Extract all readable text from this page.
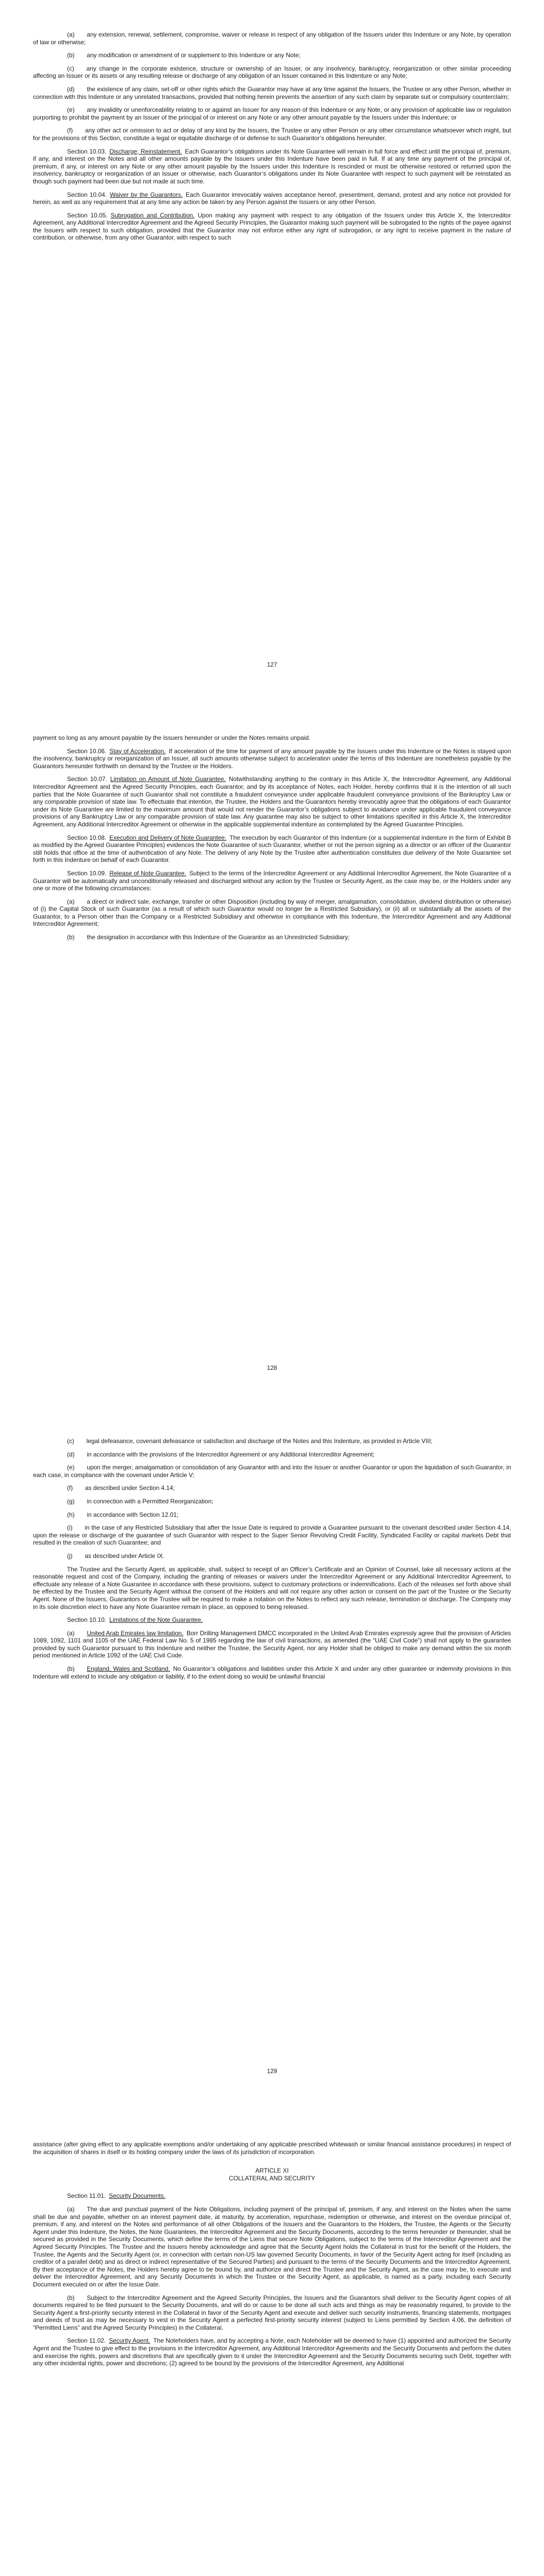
(a)   any extension, renewal, settlement, compromise, waiver or release in respect of any obligation of the Issuers under this Indenture or any Note, by operation of law or otherwise;

(b)   any modification or amendment of or supplement to this Indenture or any Note;

(c)   any change in the corporate existence, structure or ownership of an Issuer, or any insolvency, bankruptcy, reorganization or other similar proceeding affecting an Issuer or its assets or any resulting release or discharge of any obligation of an Issuer contained in this Indenture or any Note;

(d)   the existence of any claim, set-off or other rights which the Guarantor may have at any time against the Issuers, the Trustee or any other Person, whether in connection with this Indenture or any unrelated transactions, provided that nothing herein prevents the assertion of any such claim by separate suit or compulsory counterclaim;

(e)   any invalidity or unenforceability relating to or against an Issuer for any reason of this Indenture or any Note, or any provision of applicable law or regulation purporting to prohibit the payment by an Issuer of the principal of or interest on any Note or any other amount payable by the Issuers under this Indenture; or

(f)   any other act or omission to act or delay of any kind by the Issuers, the Trustee or any other Person or any other circumstance whatsoever which might, but for the provisions of this Section, constitute a legal or equitable discharge of or defense to such Guarantor’s obligations hereunder.

Section 10.03.  Discharge; Reinstatement.  Each Guarantor’s obligations under its Note Guarantee will remain in full force and effect until the principal of, premium, if any, and interest on the Notes and all other amounts payable by the Issuers under this Indenture have been paid in full. If at any time any payment of the principal of, premium, if any, or interest on any Note or any other amount payable by the Issuers under this Indenture is rescinded or must be otherwise restored or returned upon the insolvency, bankruptcy or reorganization of an Issuer or otherwise, each Guarantor’s obligations under its Note Guarantee with respect to such payment will be reinstated as though such payment had been due but not made at such time.

Section 10.04.  Waiver by the Guarantors.  Each Guarantor irrevocably waives acceptance hereof, presentment, demand, protest and any notice not provided for herein, as well as any requirement that at any time any action be taken by any Person against the Issuers or any other Person.

Section 10.05.  Subrogation and Contribution.  Upon making any payment with respect to any obligation of the Issuers under this Article X, the Intercreditor Agreement, any Additional Intercreditor Agreement and the Agreed Security Principles, the Guarantor making such payment will be subrogated to the rights of the payee against the Issuers with respect to such obligation, provided that the Guarantor may not enforce either any right of subrogation, or any right to receive payment in the nature of contribution, or otherwise, from any other Guarantor, with respect to such

127

payment so long as any amount payable by the Issuers hereunder or under the Notes remains unpaid.

Section 10.06.  Stay of Acceleration.  If acceleration of the time for payment of any amount payable by the Issuers under this Indenture or the Notes is stayed upon the insolvency, bankruptcy or reorganization of an Issuer, all such amounts otherwise subject to acceleration under the terms of this Indenture are nonetheless payable by the Guarantors hereunder forthwith on demand by the Trustee or the Holders.

Section 10.07.  Limitation on Amount of Note Guarantee.  Notwithstanding anything to the contrary in this Article X, the Intercreditor Agreement, any Additional Intercreditor Agreement and the Agreed Security Principles, each Guarantor, and by its acceptance of Notes, each Holder, hereby confirms that it is the intention of all such parties that the Note Guarantee of such Guarantor shall not constitute a fraudulent conveyance under applicable fraudulent conveyance provisions of the Bankruptcy Law or any comparable provision of state law. To effectuate that intention, the Trustee, the Holders and the Guarantors hereby irrevocably agree that the obligations of each Guarantor under its Note Guarantee are limited to the maximum amount that would not render the Guarantor’s obligations subject to avoidance under applicable fraudulent conveyance provisions of any Bankruptcy Law or any comparable provision of state law. Any guarantee may also be subject to other limitations specified in this Article X, the Intercreditor Agreement, any Additional Intercreditor Agreement or otherwise in the applicable supplemental indenture as contemplated by the Agreed Guarantee Principles.

Section 10.08.  Execution and Delivery of Note Guarantee.  The execution by each Guarantor of this Indenture (or a supplemental indenture in the form of Exhibit B as modified by the Agreed Guarantee Principles) evidences the Note Guarantee of such Guarantor, whether or not the person signing as a director or an officer of the Guarantor still holds that office at the time of authentication of any Note. The delivery of any Note by the Trustee after authentication constitutes due delivery of the Note Guarantee set forth in this Indenture on behalf of each Guarantor.

Section 10.09.  Release of Note Guarantee.  Subject to the terms of the Intercreditor Agreement or any Additional Intercreditor Agreement, the Note Guarantee of a Guarantor will be automatically and unconditionally released and discharged without any action by the Trustee or Security Agent, as the case may be, or the Holders under any one or more of the following circumstances:

(a)   a direct or indirect sale, exchange, transfer or other Disposition (including by way of merger, amalgamation, consolidation, dividend distribution or otherwise) of (i) the Capital Stock of such Guarantor (as a result of which such Guarantor would no longer be a Restricted Subsidiary), or (ii) all or substantially all the assets of the Guarantor, to a Person other than the Company or a Restricted Subsidiary and otherwise in compliance with this Indenture, the Intercreditor Agreement and any Additional Intercreditor Agreement;

(b)   the designation in accordance with this Indenture of the Guarantor as an Unrestricted Subsidiary;

128

(c)   legal defeasance, covenant defeasance or satisfaction and discharge of the Notes and this Indenture, as provided in Article VIII;

(d)   in accordance with the provisions of the Intercreditor Agreement or any Additional Intercreditor Agreement;

(e)   upon the merger, amalgamation or consolidation of any Guarantor with and into the Issuer or another Guarantor or upon the liquidation of such Guarantor, in each case, in compliance with the covenant under Article V;

(f)   as described under Section 4.14;

(g)   in connection with a Permitted Reorganization;

(h)   in accordance with Section 12.01;

(i)   in the case of any Restricted Subsidiary that after the Issue Date is required to provide a Guarantee pursuant to the covenant described under Section 4.14, upon the release or discharge of the guarantee of such Guarantor with respect to the Super Senior Revolving Credit Facility, Syndicated Facility or capital markets Debt that resulted in the creation of such Guarantee; and

(j)   as described under Article IX.

The Trustee and the Security Agent, as applicable, shall, subject to receipt of an Officer’s Certificate and an Opinion of Counsel, take all necessary actions at the reasonable request and cost of the Company, including the granting of releases or waivers under the Intercreditor Agreement or any Additional Intercreditor Agreement, to effectuate any release of a Note Guarantee in accordance with these provisions, subject to customary protections or indemnifications. Each of the releases set forth above shall be effected by the Trustee and the Security Agent without the consent of the Holders and will not require any other action or consent on the part of the Trustee or the Security Agent. None of the Issuers, Guarantors or the Trustee will be required to make a notation on the Notes to reflect any such release, termination or discharge. The Company may in its sole discretion elect to have any Note Guarantee remain in place, as opposed to being released.

Section 10.10.  Limitations of the Note Guarantee.

(a)   United Arab Emirates law limitation.  Borr Drilling Management DMCC incorporated in the United Arab Emirates expressly agree that the provision of Articles 1089, 1092, 1101 and 1105 of the UAE Federal Law No. 5 of 1985 regarding the law of civil transactions, as amended (the “UAE Civil Code”) shall not apply to the guarantee provided by such Guarantor pursuant to this Indenture and neither the Trustee, the Security Agent, nor any Holder shall be obliged to make any demand within the six month period mentioned in Article 1092 of the UAE Civil Code.

(b)   England, Wales and Scotland.  No Guarantor’s obligations and liabilities under this Article X and under any other guarantee or indemnity provisions in this Indenture will extend to include any obligation or liability, if to the extent doing so would be unlawful financial

129

assistance (after giving effect to any applicable exemptions and/or undertaking of any applicable prescribed whitewash or similar financial assistance procedures) in respect of the acquisition of shares in itself or its holding company under the laws of its jurisdiction of incorporation.

ARTICLE XI

COLLATERAL AND SECURITY

Section 11.01.  Security Documents.

(a)   The due and punctual payment of the Note Obligations, including payment of the principal of, premium, if any, and interest on the Notes when the same shall be due and payable, whether on an interest payment date, at maturity, by acceleration, repurchase, redemption or otherwise, and interest on the overdue principal of, premium, if any, and interest on the Notes and performance of all other Obligations of the Issuers and the Guarantors to the Holders, the Trustee, the Agents or the Security Agent under this Indenture, the Notes, the Note Guarantees, the Intercreditor Agreement and the Security Documents, according to the terms hereunder or thereunder, shall be secured as provided in the Security Documents, which define the terms of the Liens that secure Note Obligations, subject to the terms of the Intercreditor Agreement and the Agreed Security Principles. The Trustee and the Issuers hereby acknowledge and agree that the Security Agent holds the Collateral in trust for the benefit of the Holders, the Trustee, the Agents and the Security Agent (or, in connection with certain non-US law governed Security Documents, in favor of the Security Agent acting for itself (including as creditor of a parallel debt) and as direct or indirect representative of the Secured Parties) and pursuant to the terms of the Security Documents and the Intercreditor Agreement. By their acceptance of the Notes, the Holders hereby agree to be bound by, and authorize and direct the Trustee and the Security Agent, as the case may be, to execute and deliver the Intercreditor Agreement, and any Security Documents in which the Trustee or the Security Agent, as applicable, is named as a party, including each Security Document executed on or after the Issue Date.

(b)   Subject to the Intercreditor Agreement and the Agreed Security Principles, the Issuers and the Guarantors shall deliver to the Security Agent copies of all documents required to be filed pursuant to the Security Documents, and will do or cause to be done all such acts and things as may be reasonably required, to provide to the Security Agent a first-priority security interest in the Collateral in favor of the Security Agent and execute and deliver such security instruments, financing statements, mortgages and deeds of trust as may be necessary to vest in the Security Agent a perfected first-priority security interest (subject to Liens permitted by Section 4.06, the definition of “Permitted Liens” and the Agreed Security Principles) in the Collateral.

Section 11.02.  Security Agent.  The Noteholders have, and by accepting a Note, each Noteholder will be deemed to have (1) appointed and authorized the Security Agent and the Trustee to give effect to the provisions in the Intercreditor Agreement, any Additional Intercreditor Agreements and the Security Documents and perform the duties and exercise the rights, powers and discretions that are specifically given to it under the Intercreditor Agreement and the Security Documents securing such Debt, together with any other incidental rights, power and discretions; (2) agreed to be bound by the provisions of the Intercreditor Agreement, any Additional
